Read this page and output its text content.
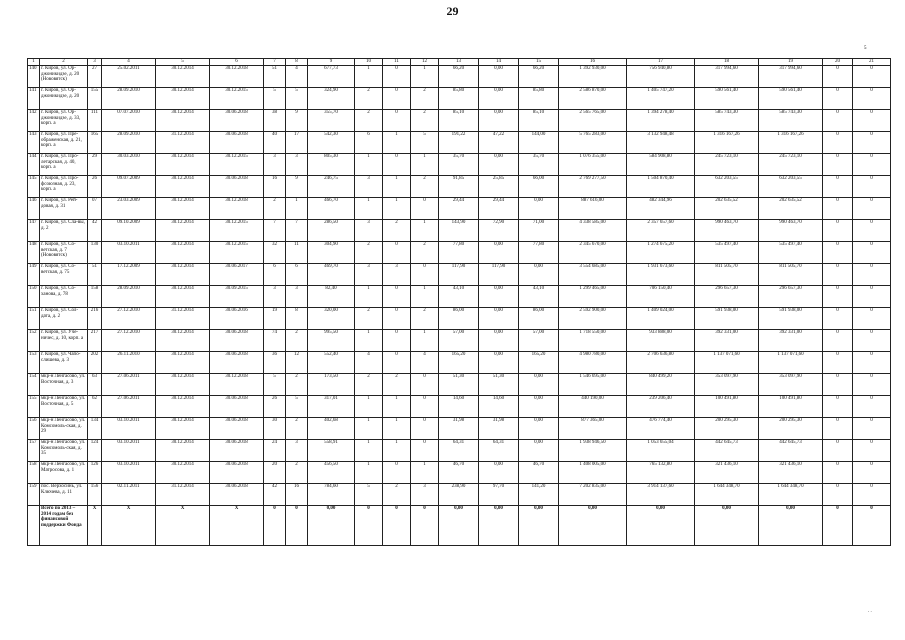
29
5
. .
1	2	3	4	5	6	7	8	9	10	11	12	13	14	15	16	17	18	19	20	21
140	г. Киров, ул. Ор-джоникидзе, д. 20 (Нововятск)	27	25.02.2011	30.12.2014	30.12.2018	51	4	677,73	1	0	1	66,20	0,00	66,20	1 392 930,00	756 940,80	317 994,60	317 994,60	0	0
141	г. Киров, ул. Ор-джоникидзе, д. 20	155	28.09.2010	30.12.2014	30.12.2015	5	5	324,90	2	0	2	85,80	0,00	85,80	2 586 870,00	1 405 747,20	590 561,40	590 561,40	0	0
142	г. Киров, ул. Ор-джоникидзе, д. 33, корп. а	111	07.07.2010	30.12.2014	30.06.2018	38	9	355,70	2	0	2	85,10	0,00	85,10	2 565 765,00	1 394 278,40	585 743,30	585 743,30	0	0
143	г. Киров, ул. Пре-ображенская, д. 21, корп. а	165	28.09.2010	31.12.2014	30.06.2018	40	17	542,30	6	1	5	191,22	47,22	144,00	5 765 283,00	3 132 948,48	1 316 167,26	1 316 167,26	0	0
144	г. Киров, ул. Про-летарская, д. 40, корп. а	29	30.03.2010	30.12.2014	30.12.2015	3	3	805,30	1	0	1	35,70	0,00	35,70	1 076 355,00	584 908,80	245 723,10	245 723,10	0	0
145	г. Киров, ул. Про-фсоюзная, д. 23, корп. а	26	09.07.2009	30.12.2014	30.06.2018	16	9	246,75	3	1	2	91,85	25,85	66,00	2 769 277,50	1 504 870,40	632 203,55	632 203,55	0	0
146	г. Киров, ул. Рей-довая, д. 31	07	23.03.2009	30.12.2014	30.12.2018	2	1	466,70	1	1	0	29,44	29,44	0,00	887 616,00	482 344,96	202 635,52	202 635,52	0	0
147	г. Киров, ул. Сла-вы, д. 2	42	09.10.2009	30.12.2014	30.12.2015	7	7	286,50	3	2	1	143,90	72,90	71,00	4 338 585,00	2 357 657,60	990 463,70	990 463,70	0	0
148	г. Киров, ул. Со-ветская, д. 7 (Нововятск)	130	03.10.2011	30.12.2014	30.12.2015	32	11	304,90	2	0	2	77,80	0,00	77,80	2 345 670,00	1 274 675,20	535 497,40	535 497,40	0	0
149	г. Киров, ул. Со-ветская, д. 75	51	17.12.2009	30.12.2014	30.06.2017	6	6	469,70	3	3	0	117,90	117,90	0,00	3 554 685,00	1 931 673,60	811 505,70	811 505,70	0	0
150	г. Киров, ул. Со-ханова, д. 78	158	28.09.2010	30.12.2014	30.09.2015	3	3	82,40	1	0	1	43,10	0,00	43,10	1 299 465,00	706 150,40	296 657,30	296 657,30	0	0
151	г. Киров, ул. Сол-дата, д. 2	216	27.12.2010	31.12.2014	30.06.2016	19	8	320,00	2	0	2	86,00	0,00	86,00	2 592 900,00	1 409 024,00	591 938,00	591 938,00	0	0
152	г. Киров, ул. Уче-ничес, д. 10, корп. а	217	27.12.2010	30.12.2014	30.06.2018	74	2	995,50	1	0	1	57,00	0,00	57,00	1 718 550,00	933 888,00	392 331,00	392 331,00	0	0
153	г. Киров, ул. Чапо-слишева, д. 3	202	26.11.2010	30.12.2014	30.06.2018	36	12	552,40	4	0	4	165,20	0,00	165,20	4 980 780,00	2 706 636,80	1 137 071,60	1 137 071,60	0	0
154	мкр-н Ленгасово, ул. Восточная, д. 3	63	27.06.2011	30.12.2014	30.12.2018	5	2	173,50	2	2	0	51,30	51,30	0,00	1 546 695,00	840 499,20	353 097,90	353 097,90	0	0
155	мкр-н Ленгасово, ул. Восточная, д. 5	62	27.06.2011	30.12.2014	30.06.2018	26	5	317,01	1	1	0	14,60	14,60	0,00	440 190,00	239 206,40	100 491,80	100 491,80	0	0
156	мкр-н Ленгасово, ул. Комсомоль-ская, д. 29	134	03.10.2011	30.12.2014	30.06.2018	30	2	402,68	1	1	0	31,98	31,98	0,00	877 365,00	476 774,40	200 295,30	200 295,30	0	0
157	мкр-н Ленгасово, ул. Комсомоль-ская, д. 35	124	03.10.2011	30.12.2014	30.06.2018	24	3	558,91	1	1	0	64,31	64,31	0,00	1 938 946,50	1 053 655,04	442 645,73	442 645,73	0	0
158	мкр-н Ленгасово, ул. Матросова, д. 1	126	03.10.2011	30.12.2014	30.06.2018	20	2	456,50	1	0	1	46,70	0,00	46,70	1 408 005,00	765 132,80	321 436,10	321 436,10	0	0
159	пос. Верхосинь, ул. Ключева, д. 11	156	02.11.2011	31.12.2014	30.06.2018	42	16	784,60	5	2	3	238,90	97,70	141,20	7 202 835,00	3 914 137,60	1 644 348,70	1 644 348,70	0	0
	Всего по 2013 – 2014 годам без финансовой поддержки Фонда	X	X	X	X	0	0	0,00	0	0	0	0,00	0,00	0,00	0,00	0,00	0,00	0,00	0	0
